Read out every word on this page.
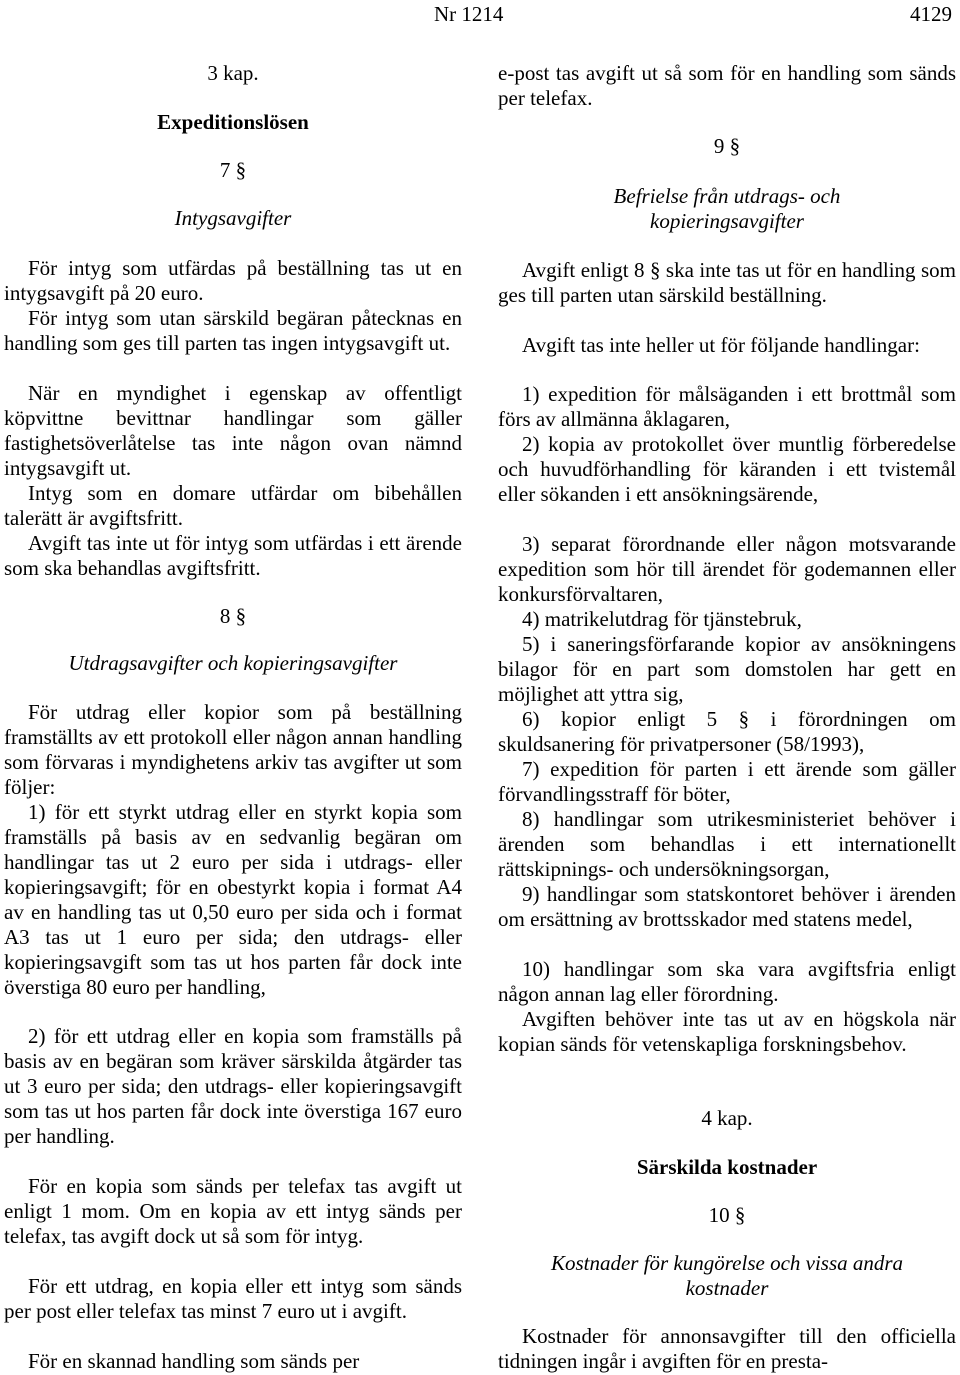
Nr 1214	4129
3 kap.
Expeditionslösen
7 §
Intygsavgifter
För intyg som utfärdas på beställning tas ut en intygsavgift på 20 euro.
För intyg som utan särskild begäran påtecknas en handling som ges till parten tas ingen intygsavgift ut.
När en myndighet i egenskap av offentligt köpvittne bevittnar handlingar som gäller fastighetsöverlåtelse tas inte någon ovan nämnd intygsavgift ut.
Intyg som en domare utfärdar om bibehållen talerätt är avgiftsfritt.
Avgift tas inte ut för intyg som utfärdas i ett ärende som ska behandlas avgiftsfritt.
8 §
Utdragsavgifter och kopieringsavgifter
För utdrag eller kopior som på beställning framställts av ett protokoll eller någon annan handling som förvaras i myndighetens arkiv tas avgifter ut som följer:
1) för ett styrkt utdrag eller en styrkt kopia som framställs på basis av en sedvanlig begäran om handlingar tas ut 2 euro per sida i utdrags- eller kopieringsavgift; för en obestyrkt kopia i format A4 av en handling tas ut 0,50 euro per sida och i format A3 tas ut 1 euro per sida; den utdrags- eller kopieringsavgift som tas ut hos parten får dock inte överstiga 80 euro per handling,
2) för ett utdrag eller en kopia som framställs på basis av en begäran som kräver särskilda åtgärder tas ut 3 euro per sida; den utdrags- eller kopieringsavgift som tas ut hos parten får dock inte överstiga 167 euro per handling.
För en kopia som sänds per telefax tas avgift ut enligt 1 mom. Om en kopia av ett intyg sänds per telefax, tas avgift dock ut så som för intyg.
För ett utdrag, en kopia eller ett intyg som sänds per post eller telefax tas minst 7 euro ut i avgift.
För en skannad handling som sänds per
e-post tas avgift ut så som för en handling som sänds per telefax.
9 §
Befrielse från utdrags- och kopieringsavgifter
Avgift enligt 8 § ska inte tas ut för en handling som ges till parten utan särskild beställning.
Avgift tas inte heller ut för följande handlingar:
1) expedition för målsäganden i ett brottmål som förs av allmänna åklagaren,
2) kopia av protokollet över muntlig förberedelse och huvudförhandling för käranden i ett tvistemål eller sökanden i ett ansökningsärende,
3) separat förordnande eller någon motsvarande expedition som hör till ärendet för godemannen eller konkursförvaltaren,
4) matrikelutdrag för tjänstebruk,
5) i saneringsförfarande kopior av ansökningens bilagor för en part som domstolen har gett en möjlighet att yttra sig,
6) kopior enligt 5 § i förordningen om skuldsanering för privatpersoner (58/1993),
7) expedition för parten i ett ärende som gäller förvandlingsstraff för böter,
8) handlingar som utrikesministeriet behöver i ärenden som behandlas i ett internationellt rättskipnings- och undersökningsorgan,
9) handlingar som statskontoret behöver i ärenden om ersättning av brottsskador med statens medel,
10) handlingar som ska vara avgiftsfria enligt någon annan lag eller förordning.
Avgiften behöver inte tas ut av en högskola när kopian sänds för vetenskapliga forskningsbehov.
4 kap.
Särskilda kostnader
10 §
Kostnader för kungörelse och vissa andra kostnader
Kostnader för annonsavgifter till den officiella tidningen ingår i avgiften för en presta-
